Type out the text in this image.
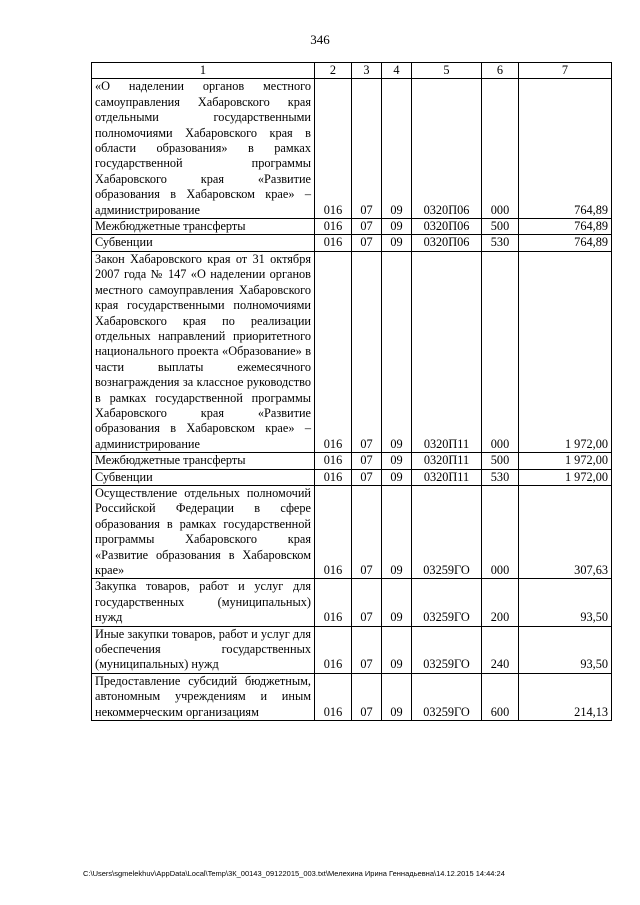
346
1	2	3	4	5	6	7
«О наделении органов местного самоуправления Хабаровского края отдельными государственными полномочиями Хабаровского края в области образования» в рамках государственной программы Хабаровского края «Развитие образования в Хабаровском крае» – администрирование	016	07	09	0320П06	000	764,89
Межбюджетные трансферты	016	07	09	0320П06	500	764,89
Субвенции	016	07	09	0320П06	530	764,89
Закон Хабаровского края от 31 октября 2007 года № 147 «О наделении органов местного самоуправления Хабаровского края государственными полномочиями Хабаровского края по реализации отдельных направлений приоритетного национального проекта «Образование» в части выплаты ежемесячного вознаграждения за классное руководство в рамках государственной программы Хабаровского края «Развитие образования в Хабаровском крае» – администрирование	016	07	09	0320П11	000	1 972,00
Межбюджетные трансферты	016	07	09	0320П11	500	1 972,00
Субвенции	016	07	09	0320П11	530	1 972,00
Осуществление отдельных полномочий Российской Федерации в сфере образования в рамках государственной программы Хабаровского края «Развитие образования в Хабаровском крае»	016	07	09	03259ГО	000	307,63
Закупка товаров, работ и услуг для государственных (муниципальных) нужд	016	07	09	03259ГО	200	93,50
Иные закупки товаров, работ и услуг для обеспечения государственных (муниципальных) нужд	016	07	09	03259ГО	240	93,50
Предоставление субсидий бюджетным, автономным учреждениям и иным некоммерческим организациям	016	07	09	03259ГО	600	214,13
C:\Users\sgmelekhuv\AppData\Local\Temp\3К_00143_09122015_003.txt\Мелехина Ирина Геннадьевна\14.12.2015 14:44:24
